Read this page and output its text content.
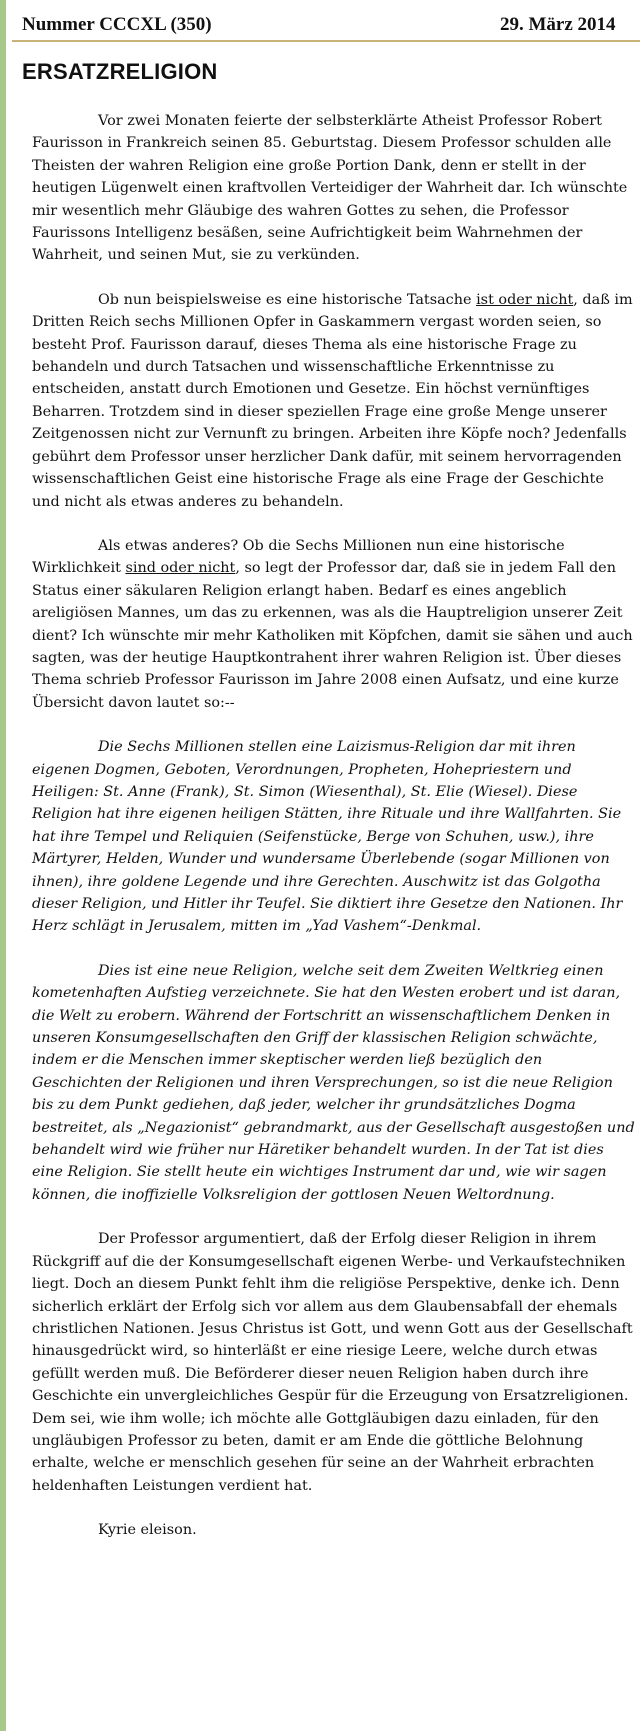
Nummer CCCXL (350)	29. März 2014
ERSATZRELIGION

Vor zwei Monaten feierte der selbsterklärte Atheist Professor Robert Faurisson in Frankreich seinen 85. Geburtstag. Diesem Professor schulden alle Theisten der wahren Religion eine große Portion Dank, denn er stellt in der heutigen Lügenwelt einen kraftvollen Verteidiger der Wahrheit dar. Ich wünschte mir wesentlich mehr Gläubige des wahren Gottes zu sehen, die Professor Faurissons Intelligenz besäßen, seine Aufrichtigkeit beim Wahrnehmen der Wahrheit, und seinen Mut, sie zu verkünden.

Ob nun beispielsweise es eine historische Tatsache ist oder nicht, daß im Dritten Reich sechs Millionen Opfer in Gaskammern vergast worden seien, so besteht Prof. Faurisson darauf, dieses Thema als eine historische Frage zu behandeln und durch Tatsachen und wissenschaftliche Erkenntnisse zu entscheiden, anstatt durch Emotionen und Gesetze. Ein höchst vernünftiges Beharren. Trotzdem sind in dieser speziellen Frage eine große Menge unserer Zeitgenossen nicht zur Vernunft zu bringen. Arbeiten ihre Köpfe noch? Jedenfalls gebührt dem Professor unser herzlicher Dank dafür, mit seinem hervorragenden wissenschaftlichen Geist eine historische Frage als eine Frage der Geschichte und nicht als etwas anderes zu behandeln.

Als etwas anderes? Ob die Sechs Millionen nun eine historische Wirklichkeit sind oder nicht, so legt der Professor dar, daß sie in jedem Fall den Status einer säkularen Religion erlangt haben. Bedarf es eines angeblich areligiösen Mannes, um das zu erkennen, was als die Hauptreligion unserer Zeit dient? Ich wünschte mir mehr Katholiken mit Köpfchen, damit sie sähen und auch sagten, was der heutige Hauptkontrahent ihrer wahren Religion ist. Über dieses Thema schrieb Professor Faurisson im Jahre 2008 einen Aufsatz, und eine kurze Übersicht davon lautet so:--

Die Sechs Millionen stellen eine Laizismus-Religion dar mit ihren eigenen Dogmen, Geboten, Verordnungen, Propheten, Hohepriestern und Heiligen: St. Anne (Frank), St. Simon (Wiesenthal), St. Elie (Wiesel). Diese Religion hat ihre eigenen heiligen Stätten, ihre Rituale und ihre Wallfahrten. Sie hat ihre Tempel und Reliquien (Seifenstücke, Berge von Schuhen, usw.), ihre Märtyrer, Helden, Wunder und wundersame Überlebende (sogar Millionen von ihnen), ihre goldene Legende und ihre Gerechten. Auschwitz ist das Golgotha dieser Religion, und Hitler ihr Teufel. Sie diktiert ihre Gesetze den Nationen. Ihr Herz schlägt in Jerusalem, mitten im „Yad Vashem“-Denkmal.

Dies ist eine neue Religion, welche seit dem Zweiten Weltkrieg einen kometenhaften Aufstieg verzeichnete. Sie hat den Westen erobert und ist daran, die Welt zu erobern. Während der Fortschritt an wissenschaftlichem Denken in unseren Konsumgesellschaften den Griff der klassischen Religion schwächte, indem er die Menschen immer skeptischer werden ließ bezüglich den Geschichten der Religionen und ihren Versprechungen, so ist die neue Religion bis zu dem Punkt gediehen, daß jeder, welcher ihr grundsätzliches Dogma bestreitet, als „Negazionist“ gebrandmarkt, aus der Gesellschaft ausgestoßen und behandelt wird wie früher nur Häretiker behandelt wurden. In der Tat ist dies eine Religion. Sie stellt heute ein wichtiges Instrument dar und, wie wir sagen können, die inoffizielle Volksreligion der gottlosen Neuen Weltordnung.

Der Professor argumentiert, daß der Erfolg dieser Religion in ihrem Rückgriff auf die der Konsumgesellschaft eigenen Werbe- und Verkaufstechniken liegt. Doch an diesem Punkt fehlt ihm die religiöse Perspektive, denke ich. Denn sicherlich erklärt der Erfolg sich vor allem aus dem Glaubensabfall der ehemals christlichen Nationen. Jesus Christus ist Gott, und wenn Gott aus der Gesellschaft hinausgedrückt wird, so hinterläßt er eine riesige Leere, welche durch etwas gefüllt werden muß. Die Beförderer dieser neuen Religion haben durch ihre Geschichte ein unvergleichliches Gespür für die Erzeugung von Ersatzreligionen. Dem sei, wie ihm wolle; ich möchte alle Gottgläubigen dazu einladen, für den ungläubigen Professor zu beten, damit er am Ende die göttliche Belohnung erhalte, welche er menschlich gesehen für seine an der Wahrheit erbrachten heldenhaften Leistungen verdient hat.

Kyrie eleison.
